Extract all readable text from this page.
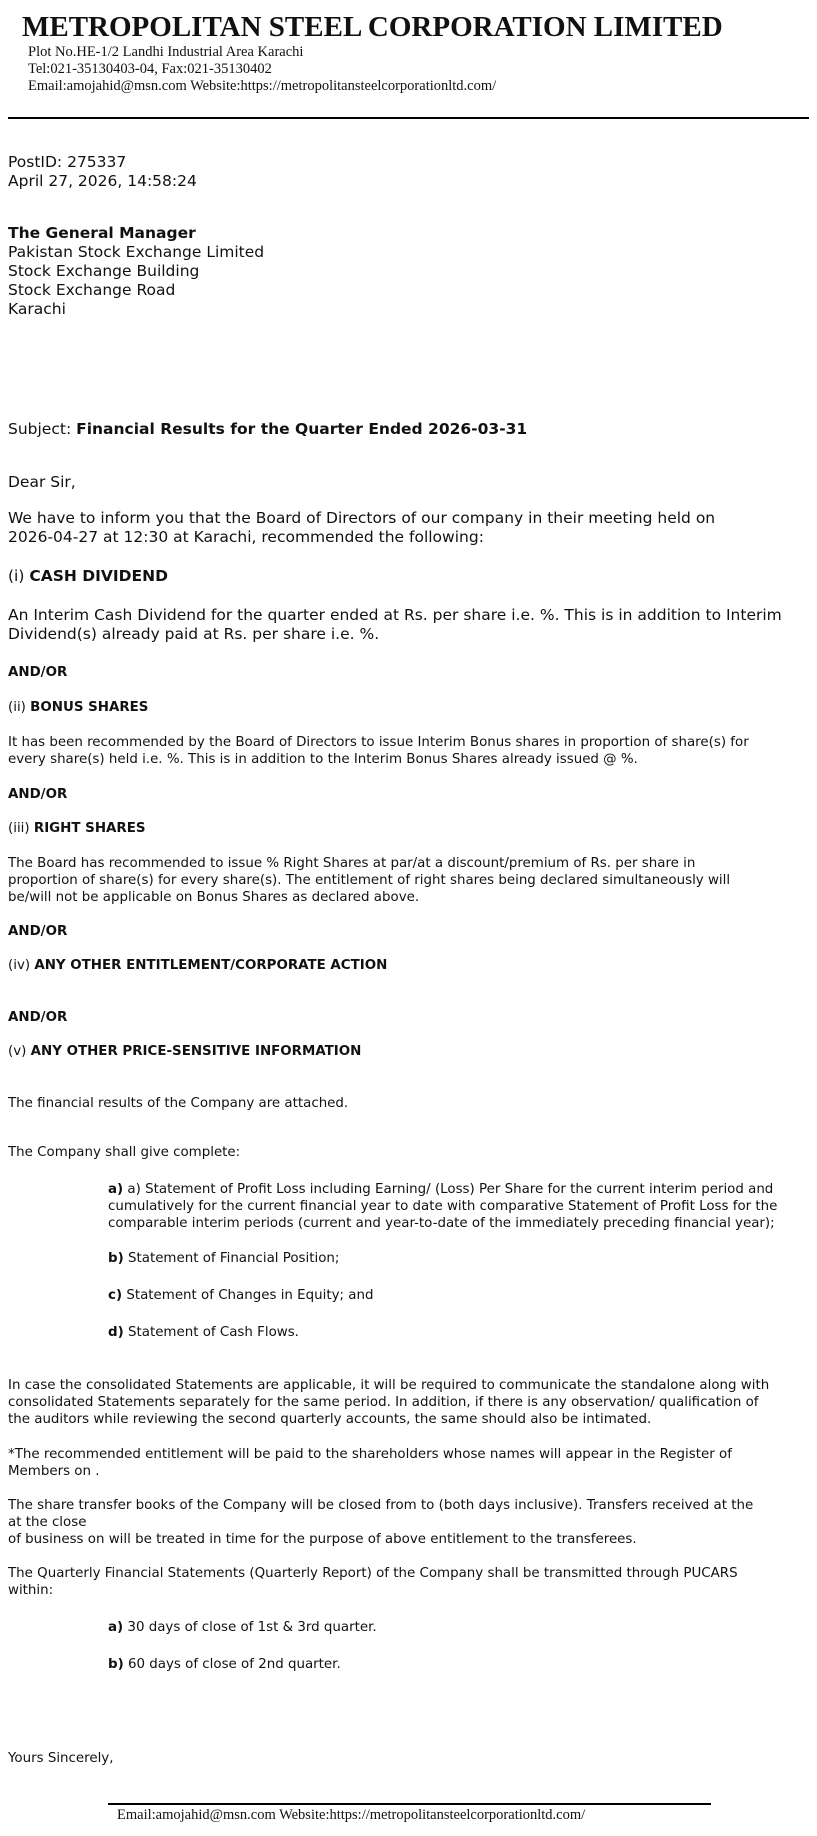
METROPOLITAN STEEL CORPORATION LIMITED
Plot No.HE-1/2 Landhi Industrial Area Karachi
Tel:021-35130403-04, Fax:021-35130402
Email:amojahid@msn.com Website:https://metropolitansteelcorporationltd.com/
PostID: 275337
April 27, 2026, 14:58:24
The General Manager
Pakistan Stock Exchange Limited
Stock Exchange Building
Stock Exchange Road
Karachi
Subject: Financial Results for the Quarter Ended 2026-03-31
Dear Sir,
We have to inform you that the Board of Directors of our company in their meeting held on
2026-04-27 at 12:30 at Karachi, recommended the following:
(i) CASH DIVIDEND
An Interim Cash Dividend for the quarter ended at Rs. per share i.e. %. This is in addition to Interim
Dividend(s) already paid at Rs. per share i.e. %.
AND/OR
(ii) BONUS SHARES
It has been recommended by the Board of Directors to issue Interim Bonus shares in proportion of share(s) for
every share(s) held i.e. %. This is in addition to the Interim Bonus Shares already issued @ %.
AND/OR
(iii) RIGHT SHARES
The Board has recommended to issue % Right Shares at par/at a discount/premium of Rs. per share in
proportion of share(s) for every share(s). The entitlement of right shares being declared simultaneously will
be/will not be applicable on Bonus Shares as declared above.
AND/OR
(iv) ANY OTHER ENTITLEMENT/CORPORATE ACTION
AND/OR
(v) ANY OTHER PRICE-SENSITIVE INFORMATION
The financial results of the Company are attached.
The Company shall give complete:
a) a) Statement of Profit Loss including Earning/ (Loss) Per Share for the current interim period and
cumulatively for the current financial year to date with comparative Statement of Profit Loss for the
comparable interim periods (current and year-to-date of the immediately preceding financial year);
b) Statement of Financial Position;
c) Statement of Changes in Equity; and
d) Statement of Cash Flows.
In case the consolidated Statements are applicable, it will be required to communicate the standalone along with
consolidated Statements separately for the same period. In addition, if there is any observation/ qualification of
the auditors while reviewing the second quarterly accounts, the same should also be intimated.
*The recommended entitlement will be paid to the shareholders whose names will appear in the Register of
Members on .
The share transfer books of the Company will be closed from to (both days inclusive). Transfers received at the
at the close
of business on will be treated in time for the purpose of above entitlement to the transferees.
The Quarterly Financial Statements (Quarterly Report) of the Company shall be transmitted through PUCARS
within:
a) 30 days of close of 1st & 3rd quarter.
b) 60 days of close of 2nd quarter.
Yours Sincerely,
Email:amojahid@msn.com Website:https://metropolitansteelcorporationltd.com/
